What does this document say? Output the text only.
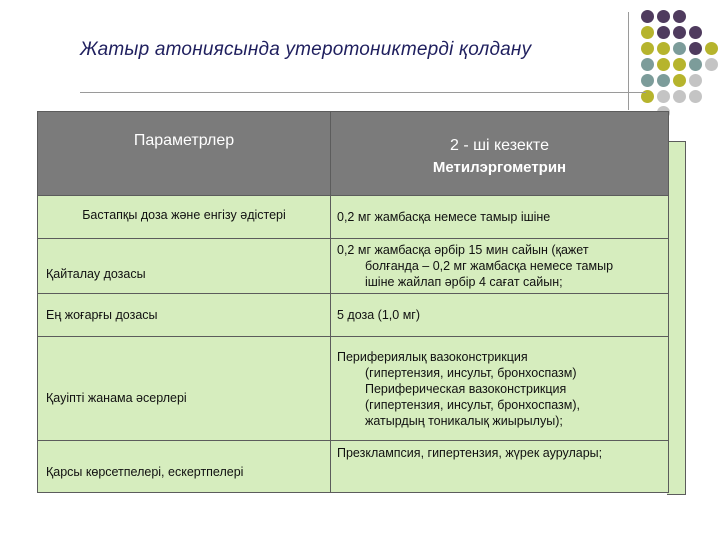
Жатыр атониясында утеротониктерді қолдану
Параметрлер	2 - ші кезекте
Метилэргометрин

Бастапқы доза және енгізу әдістері	0,2 мг жамбасқа немесе тамыр ішіне
Қайталау дозасы	0,2 мг жамбасқа әрбір 15 мин сайын (қажет
болғанда – 0,2 мг жамбасқа немесе тамыр
ішіне жайлап әрбір 4 сағат сайын;

Ең жоғарғы дозасы	5 доза (1,0 мг)
Қауіпті жанама әсерлері	Перифериялық вазоконстрикция
(гипертензия, инсульт, бронхоспазм)
Периферическая вазоконстрикция
(гипертензия, инсульт, бронхоспазм),
жатырдың тоникалық жиырылуы);

Қарсы көрсетпелері, ескертпелері	Презклампсия, гипертензия, жүрек аурулары;
